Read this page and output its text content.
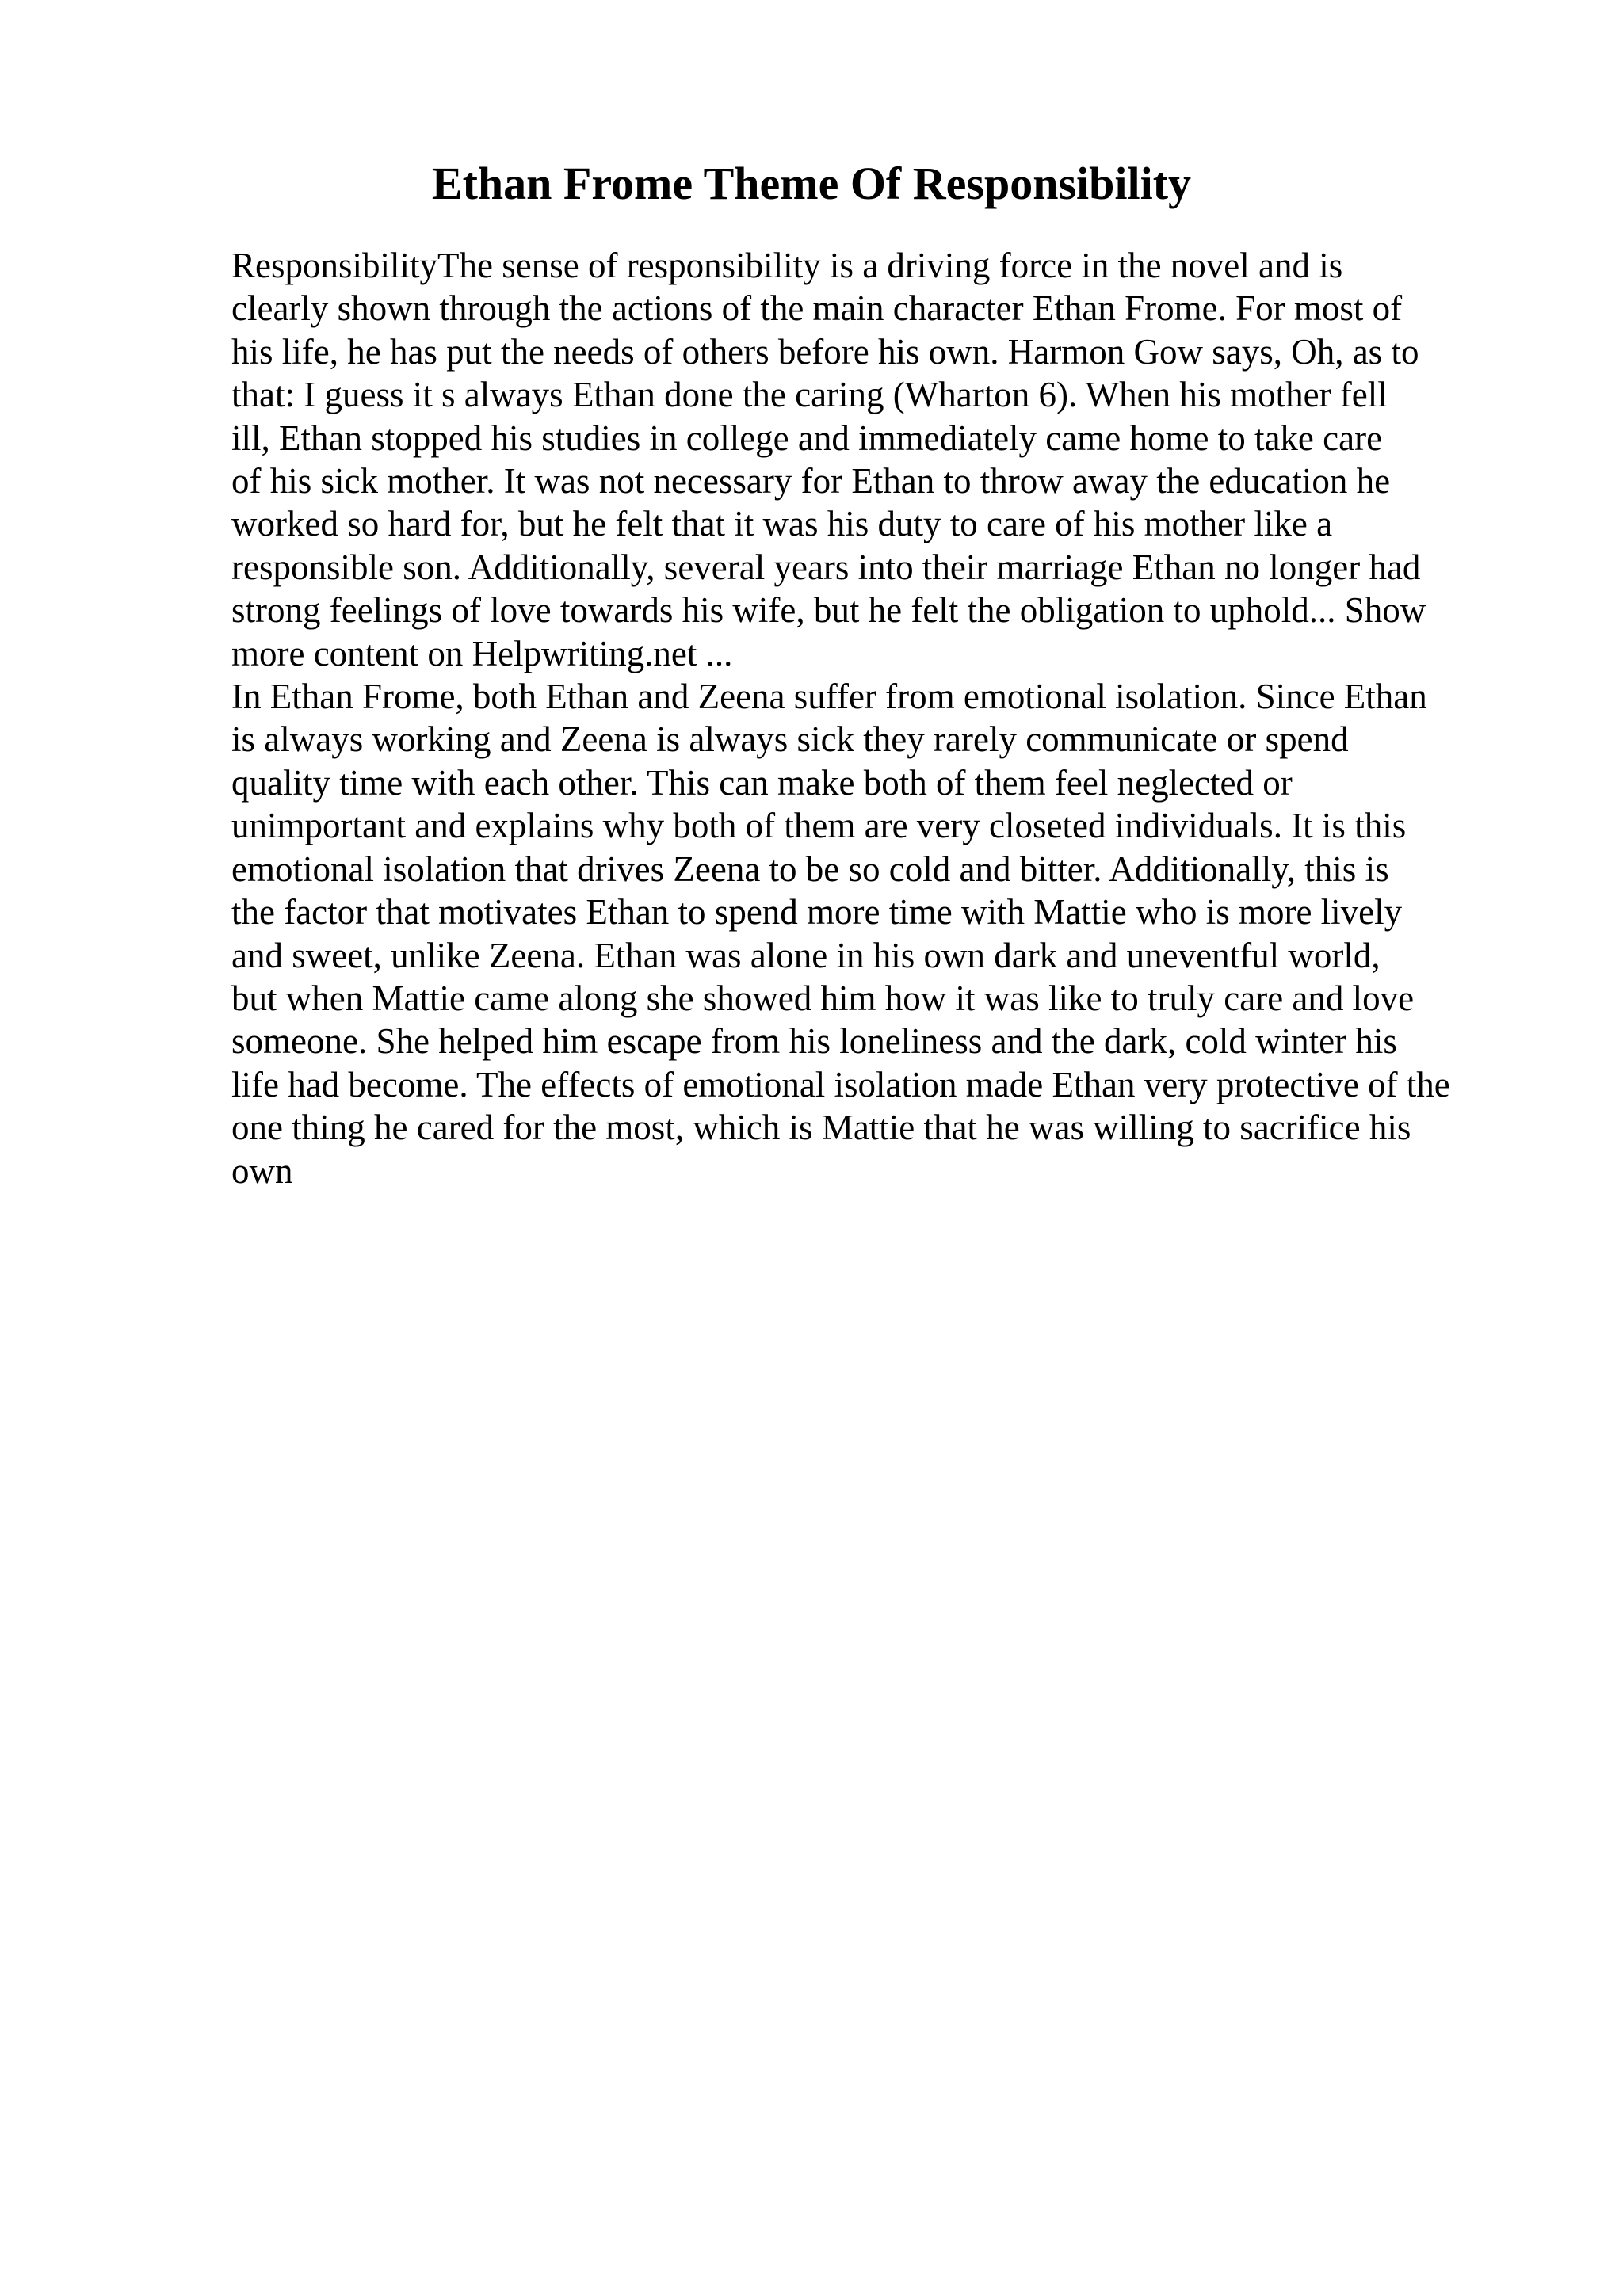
Ethan Frome Theme Of Responsibility
ResponsibilityThe sense of responsibility is a driving force in the novel and is
clearly shown through the actions of the main character Ethan Frome. For most of
his life, he has put the needs of others before his own. Harmon Gow says, Oh, as to
that: I guess it s always Ethan done the caring (Wharton 6). When his mother fell
ill, Ethan stopped his studies in college and immediately came home to take care
of his sick mother. It was not necessary for Ethan to throw away the education he
worked so hard for, but he felt that it was his duty to care of his mother like a
responsible son. Additionally, several years into their marriage Ethan no longer had
strong feelings of love towards his wife, but he felt the obligation to uphold... Show
more content on Helpwriting.net ...
In Ethan Frome, both Ethan and Zeena suffer from emotional isolation. Since Ethan
is always working and Zeena is always sick they rarely communicate or spend
quality time with each other. This can make both of them feel neglected or
unimportant and explains why both of them are very closeted individuals. It is this
emotional isolation that drives Zeena to be so cold and bitter. Additionally, this is
the factor that motivates Ethan to spend more time with Mattie who is more lively
and sweet, unlike Zeena. Ethan was alone in his own dark and uneventful world,
but when Mattie came along she showed him how it was like to truly care and love
someone. She helped him escape from his loneliness and the dark, cold winter his
life had become. The effects of emotional isolation made Ethan very protective of the
one thing he cared for the most, which is Mattie that he was willing to sacrifice his
own
